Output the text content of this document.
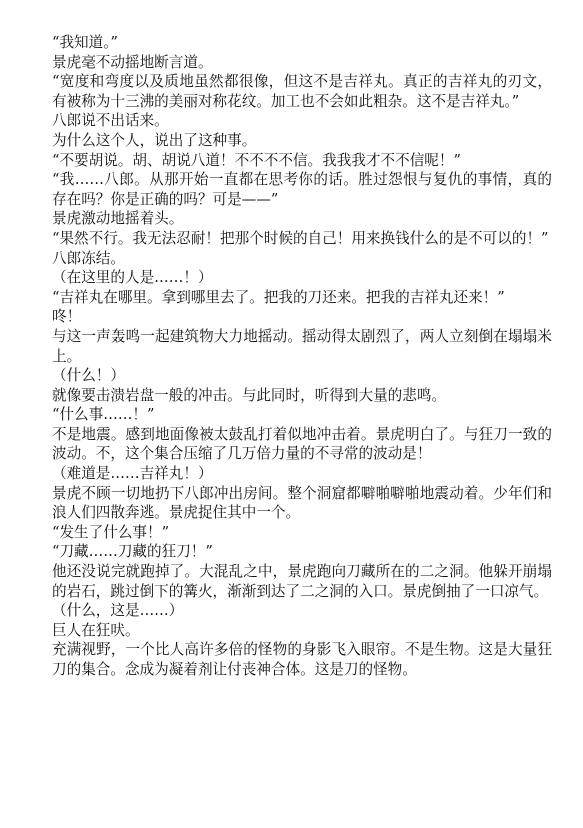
“我知道。”

景虎毫不动摇地断言道。

“宽度和弯度以及质地虽然都很像，但这不是吉祥丸。真正的吉祥丸的刃文，有被称为十三沸的美丽对称花纹。加工也不会如此粗杂。这不是吉祥丸。”

八郎说不出话来。

为什么这个人，说出了这种事。

“不要胡说。胡、胡说八道！不不不不信。我我我才不不信呢！”

“我……八郎。从那开始一直都在思考你的话。胜过怨恨与复仇的事情，真的存在吗？你是正确的吗？可是——”

景虎激动地摇着头。

“果然不行。我无法忍耐！把那个时候的自己！用来换钱什么的是不可以的！”

八郎冻结。

（在这里的人是……！）

“吉祥丸在哪里。拿到哪里去了。把我的刀还来。把我的吉祥丸还来！”

咚！

与这一声轰鸣一起建筑物大力地摇动。摇动得太剧烈了，两人立刻倒在塌塌米上。

（什么！）

就像要击溃岩盘一般的冲击。与此同时，听得到大量的悲鸣。

“什么事……！”

不是地震。感到地面像被太鼓乱打着似地冲击着。景虎明白了。与狂刀一致的波动。不，这个集合压缩了几万倍力量的不寻常的波动是！

（难道是……吉祥丸！）

景虎不顾一切地扔下八郎冲出房间。整个洞窟都噼啪噼啪地震动着。少年们和浪人们四散奔逃。景虎捉住其中一个。

“发生了什么事！”

“刀藏……刀藏的狂刀！”

他还没说完就跑掉了。大混乱之中，景虎跑向刀藏所在的二之洞。他躲开崩塌的岩石，跳过倒下的篝火，渐渐到达了二之洞的入口。景虎倒抽了一口凉气。

（什么，这是……）

巨人在狂吠。

充满视野，一个比人高许多倍的怪物的身影飞入眼帘。不是生物。这是大量狂刀的集合。念成为凝着剂让付丧神合体。这是刀的怪物。
